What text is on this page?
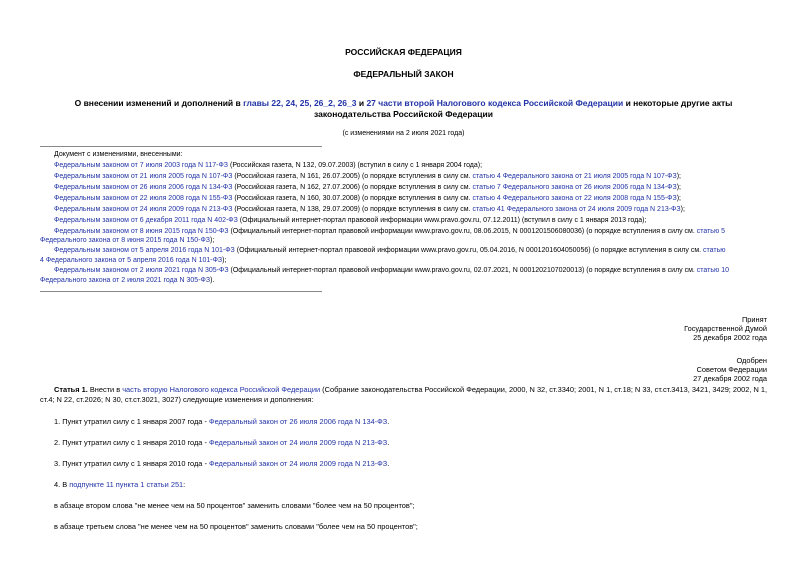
РОССИЙСКАЯ ФЕДЕРАЦИЯ
ФЕДЕРАЛЬНЫЙ ЗАКОН
О внесении изменений и дополнений в главы 22, 24, 25, 26_2, 26_3 и 27 части второй Налогового кодекса Российской Федерации и некоторые другие акты
законодательства Российской Федерации
(с изменениями на 2 июля 2021 года)
Документ с изменениями, внесенными:
Федеральным законом от 7 июля 2003 года N 117-ФЗ (Российская газета, N 132, 09.07.2003) (вступил в силу с 1 января 2004 года);
Федеральным законом от 21 июля 2005 года N 107-ФЗ (Российская газета, N 161, 26.07.2005) (о порядке вступления в силу см. статью 4 Федерального закона от 21 июля 2005 года N 107-ФЗ);
Федеральным законом от 26 июля 2006 года N 134-ФЗ (Российская газета, N 162, 27.07.2006) (о порядке вступления в силу см. статью 7 Федерального закона от 26 июля 2006 года N 134-ФЗ);
Федеральным законом от 22 июля 2008 года N 155-ФЗ (Российская газета, N 160, 30.07.2008) (о порядке вступления в силу см. статью 4 Федерального закона от 22 июля 2008 года N 155-ФЗ);
Федеральным законом от 24 июля 2009 года N 213-ФЗ (Российская газета, N 138, 29.07.2009) (о порядке вступления в силу см. статью 41 Федерального закона от 24 июля 2009 года N 213-ФЗ);
Федеральным законом от 6 декабря 2011 года N 402-ФЗ (Официальный интернет-портал правовой информации www.pravo.gov.ru, 07.12.2011) (вступил в силу с 1 января 2013 года);
Федеральным законом от 8 июня 2015 года N 150-ФЗ (Официальный интернет-портал правовой информации www.pravo.gov.ru, 08.06.2015, N 0001201506080036) (о порядке вступления в силу см. статью 5
Федерального закона от 8 июня 2015 года N 150-ФЗ);
Федеральным законом от 5 апреля 2016 года N 101-ФЗ (Официальный интернет-портал правовой информации www.pravo.gov.ru, 05.04.2016, N 0001201604050056) (о порядке вступления в силу см. статью
4 Федерального закона от 5 апреля 2016 года N 101-ФЗ);
Федеральным законом от 2 июля 2021 года N 305-ФЗ (Официальный интернет-портал правовой информации www.pravo.gov.ru, 02.07.2021, N 0001202107020013) (о порядке вступления в силу см. статью 10
Федерального закона от 2 июля 2021 года N 305-ФЗ).
Принят
Государственной Думой
25 декабря 2002 года
Одобрен
Советом Федерации
27 декабря 2002 года
Статья 1. Внести в часть вторую Налогового кодекса Российской Федерации (Собрание законодательства Российской Федерации, 2000, N 32, ст.3340; 2001, N 1, ст.18; N 33, ст.ст.3413, 3421, 3429; 2002, N 1,
ст.4; N 22, ст.2026; N 30, ст.ст.3021, 3027) следующие изменения и дополнения:
1. Пункт утратил силу с 1 января 2007 года - Федеральный закон от 26 июля 2006 года N 134-ФЗ.
2. Пункт утратил силу с 1 января 2010 года - Федеральный закон от 24 июля 2009 года N 213-ФЗ.
3. Пункт утратил силу с 1 января 2010 года - Федеральный закон от 24 июля 2009 года N 213-ФЗ.
4. В подпункте 11 пункта 1 статьи 251:
в абзаце втором слова "не менее чем на 50 процентов" заменить словами "более чем на 50 процентов";
в абзаце третьем слова "не менее чем на 50 процентов" заменить словами "более чем на 50 процентов";
